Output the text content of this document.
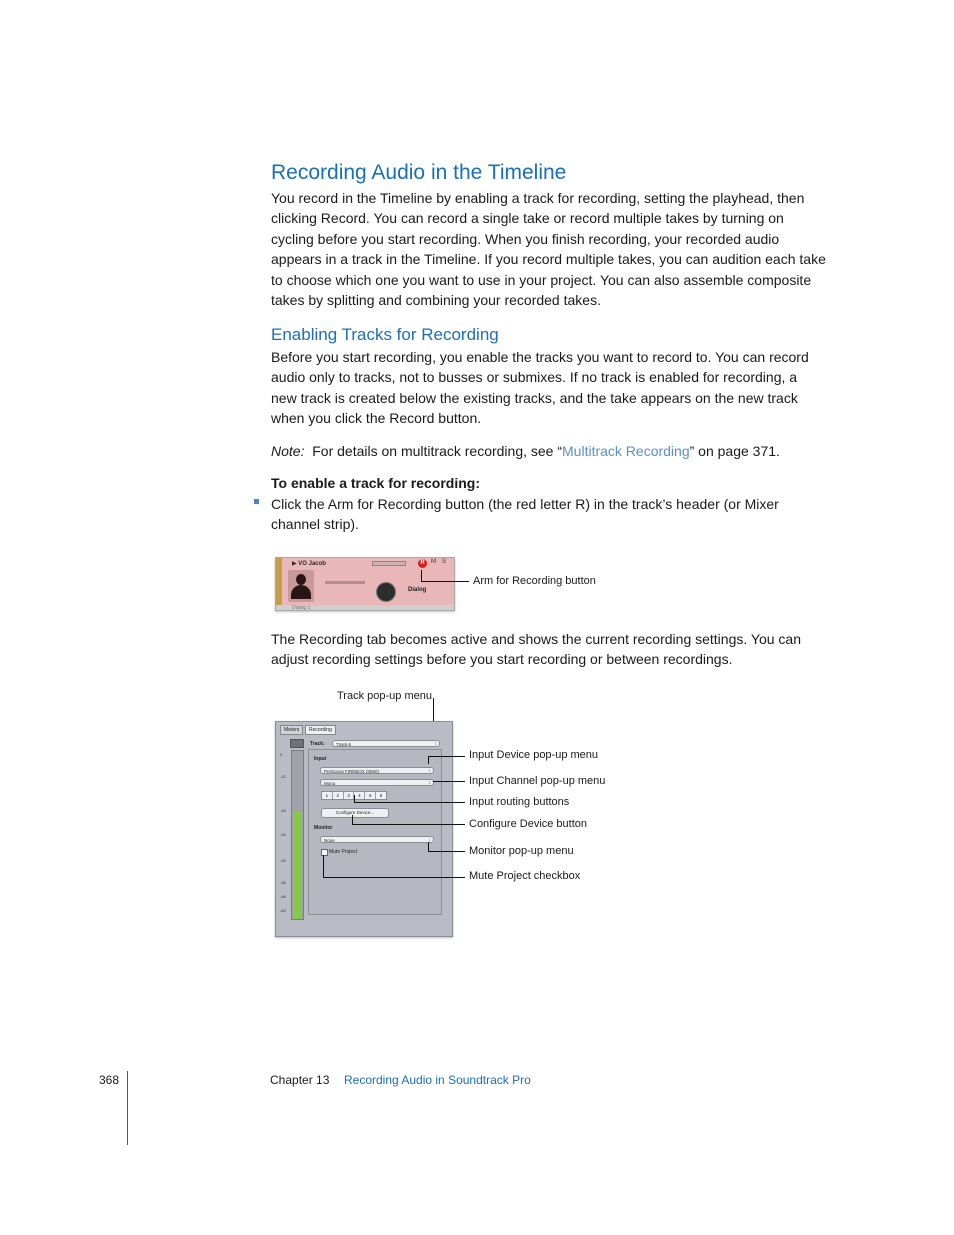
Recording Audio in the Timeline

You record in the Timeline by enabling a track for recording, setting the playhead, then clicking Record. You can record a single take or record multiple takes by turning on cycling before you start recording. When you finish recording, your recorded audio appears in a track in the Timeline. If you record multiple takes, you can audition each take to choose which one you want to use in your project. You can also assemble composite takes by splitting and combining your recorded takes.

Enabling Tracks for Recording

Before you start recording, you enable the tracks you want to record to. You can record audio only to tracks, not to busses or submixes. If no track is enabled for recording, a new track is created below the existing tracks, and the take appears on the new track when you click the Record button.

Note: For details on multitrack recording, see “Multitrack Recording” on page 371.

To enable a track for recording:

Click the Arm for Recording button (the red letter R) in the track’s header (or Mixer channel strip).

▶ VO Jacob	R	M S
Dialog
Dialog 1
Arm for Recording button

The Recording tab becomes active and shows the current recording settings. You can adjust recording settings before you start recording or between recordings.

Track pop-up menu
Meters	Recording
0
-12
-18
-24
-30
-36
-48
-60
Track:	Track 6 ↕
Input
PreSonus FIREBOX (0550) ↕
Mono ↕
1	2	3	4	5	6
Configure Device...
Monitor
None ↕
Mute Project
Input Device pop-up menu
Input Channel pop-up menu
Input routing buttons
Configure Device button
Monitor pop-up menu
Mute Project checkbox
368	Chapter 13 Recording Audio in Soundtrack Pro
